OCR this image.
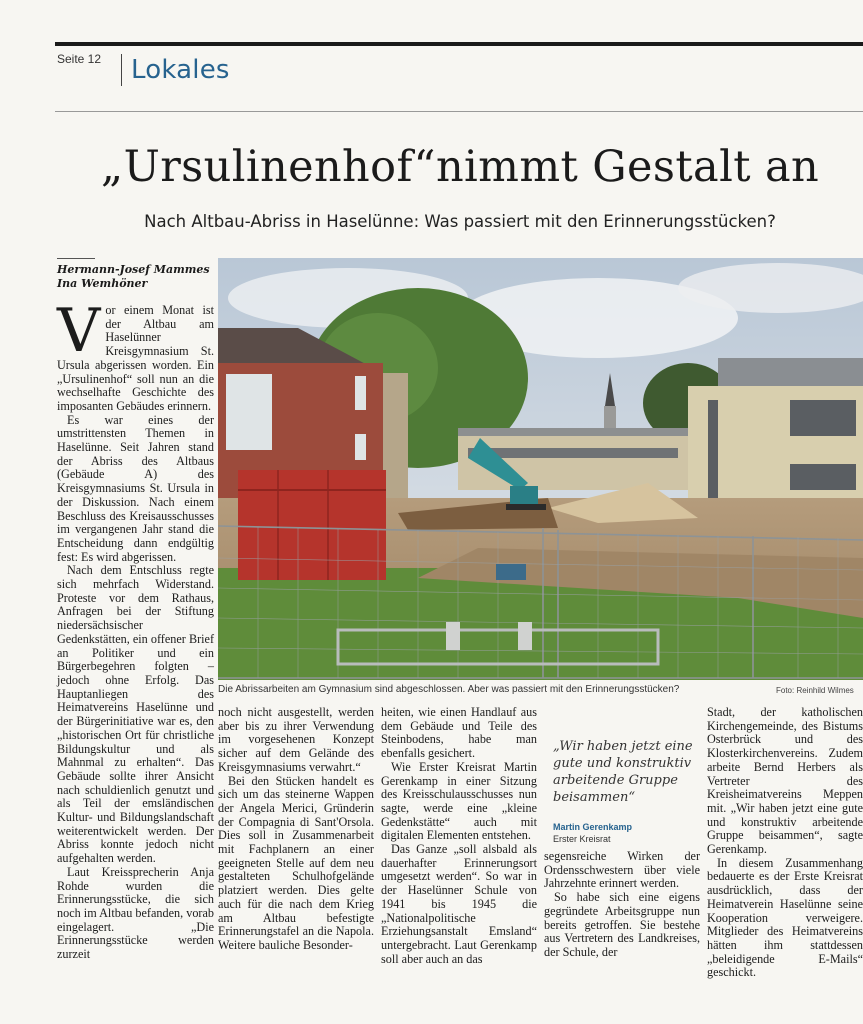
Seite 12 Lokales
„Ursulinenhof“nimmt Gestalt an
Nach Altbau-Abriss in Haselünne: Was passiert mit den Erinnerungsstücken?
Hermann-Josef Mammes
Ina Wemhöner
Die Abrissarbeiten am Gymnasium sind abgeschlossen. Aber was passiert mit den Erinnerungsstücken?	Foto: Reinhild Wilmes
V or einem Monat ist der Altbau am Haselünner Kreisgymnasium St. Ursula abgerissen worden. Ein „Ursulinenhof“ soll nun an die wechselhafte Geschichte des imposanten Gebäudes erinnern.

Es war eines der umstrittensten Themen in Haselünne. Seit Jahren stand der Abriss des Altbaus (Gebäude A) des Kreisgymnasiums St. Ursula in der Diskussion. Nach einem Beschluss des Kreisausschusses im vergangenen Jahr stand die Entscheidung dann endgültig fest: Es wird abgerissen.

Nach dem Entschluss regte sich mehrfach Widerstand. Proteste vor dem Rathaus, Anfragen bei der Stiftung niedersächsischer Gedenkstätten, ein offener Brief an Politiker und ein Bürgerbegehren folgten – jedoch ohne Erfolg. Das Hauptanliegen des Heimatvereins Haselünne und der Bürgerinitiative war es, den „historischen Ort für christliche Bildungskultur und als Mahnmal zu erhalten“. Das Gebäude sollte ihrer Ansicht nach schuldienlich genutzt und als Teil der emsländischen Kultur- und Bildungslandschaft weiterentwickelt werden. Der Abriss konnte jedoch nicht aufgehalten werden.

Laut Kreissprecherin Anja Rohde wurden die Erinnerungsstücke, die sich noch im Altbau befanden, vorab eingelagert. „Die Erinnerungsstücke werden zurzeit

noch nicht ausgestellt, werden aber bis zu ihrer Verwendung im vorgesehenen Konzept sicher auf dem Gelände des Kreisgymnasiums verwahrt.“

Bei den Stücken handelt es sich um das steinerne Wappen der Angela Merici, Gründerin der Compagnia di Sant'Orsola. Dies soll in Zusammenarbeit mit Fachplanern an einer geeigneten Stelle auf dem neu gestalteten Schulhofgelände platziert werden. Dies gelte auch für die nach dem Krieg am Altbau befestigte Erinnerungstafel an die Napola. Weitere bauliche Besonder-

heiten, wie einen Handlauf aus dem Gebäude und Teile des Steinbodens, habe man ebenfalls gesichert.

Wie Erster Kreisrat Martin Gerenkamp in einer Sitzung des Kreisschulausschusses nun sagte, werde eine „kleine Gedenkstätte“ auch mit digitalen Elementen entstehen.

Das Ganze „soll alsbald als dauerhafter Erinnerungsort umgesetzt werden“. So war in der Haselünner Schule von 1941 bis 1945 die „Nationalpolitische Erziehungsanstalt Emsland“ untergebracht. Laut Gerenkamp soll aber auch an das

„Wir haben jetzt eine gute und konstruktiv arbeitende Gruppe beisammen“
Martin Gerenkamp
Erster Kreisrat

segensreiche Wirken der Ordensschwestern über viele Jahrzehnte erinnert werden.

So habe sich eine eigens gegründete Arbeitsgruppe nun bereits getroffen. Sie bestehe aus Vertretern des Landkreises, der Schule, der

Stadt, der katholischen Kirchengemeinde, des Bistums Osterbrück und des Klosterkirchenvereins. Zudem arbeite Bernd Herbers als Vertreter des Kreisheimatvereins Meppen mit. „Wir haben jetzt eine gute und konstruktiv arbeitende Gruppe beisammen“, sagte Gerenkamp.

In diesem Zusammenhang bedauerte es der Erste Kreisrat ausdrücklich, dass der Heimatverein Haselünne seine Kooperation verweigere. Mitglieder des Heimatvereins hätten ihm stattdessen „beleidigende E-Mails“ geschickt.
